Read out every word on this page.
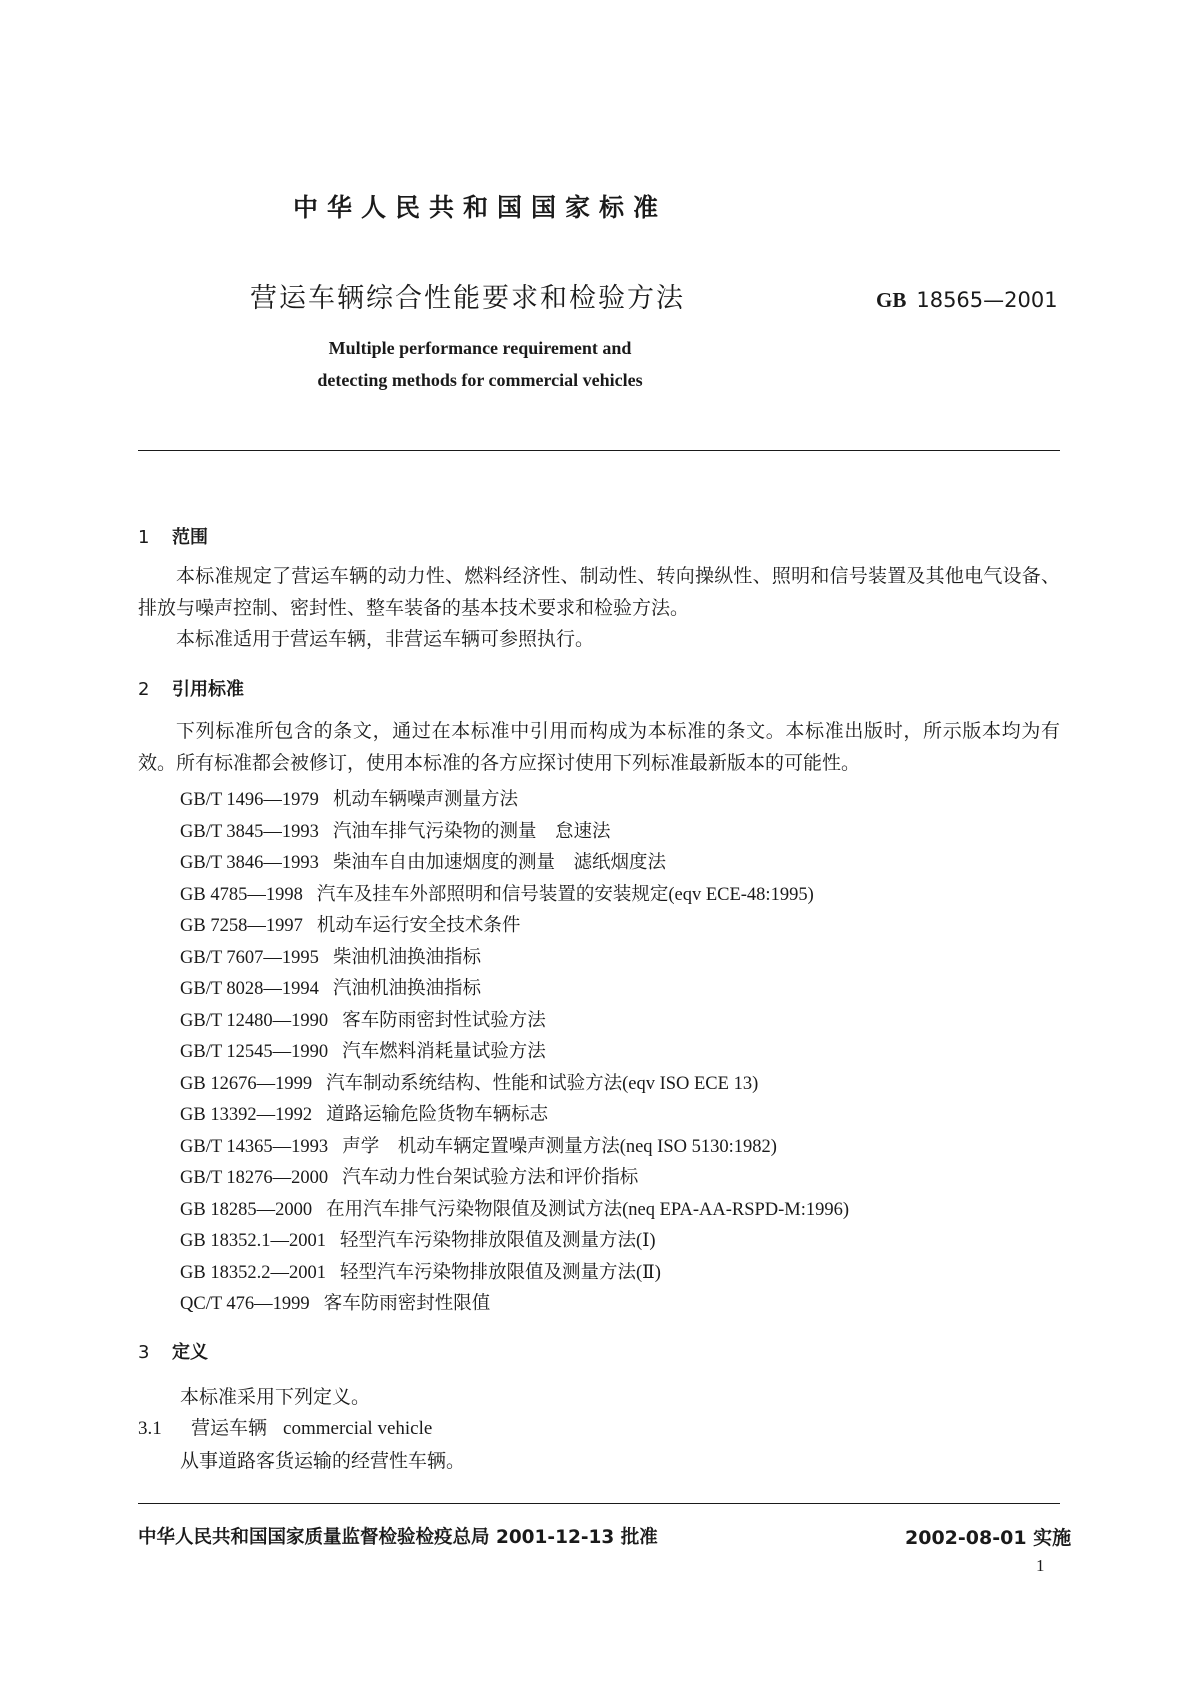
中华人民共和国国家标准
营运车辆综合性能要求和检验方法	GB 18565—2001
Multiple performance requirement and
detecting methods for commercial vehicles
1 范围
本标准规定了营运车辆的动力性、燃料经济性、制动性、转向操纵性、照明和信号装置及其他电气设备、排放与噪声控制、密封性、整车装备的基本技术要求和检验方法。
本标准适用于营运车辆，非营运车辆可参照执行。
2 引用标准
下列标准所包含的条文，通过在本标准中引用而构成为本标准的条文。本标准出版时，所示版本均为有效。所有标准都会被修订，使用本标准的各方应探讨使用下列标准最新版本的可能性。
GB/T 1496—1979 机动车辆噪声测量方法
GB/T 3845—1993 汽油车排气污染物的测量　怠速法
GB/T 3846—1993 柴油车自由加速烟度的测量　滤纸烟度法
GB 4785—1998 汽车及挂车外部照明和信号装置的安装规定(eqv ECE-48:1995)
GB 7258—1997 机动车运行安全技术条件
GB/T 7607—1995 柴油机油换油指标
GB/T 8028—1994 汽油机油换油指标
GB/T 12480—1990 客车防雨密封性试验方法
GB/T 12545—1990 汽车燃料消耗量试验方法
GB 12676—1999 汽车制动系统结构、性能和试验方法(eqv ISO ECE 13)
GB 13392—1992 道路运输危险货物车辆标志
GB/T 14365—1993 声学　机动车辆定置噪声测量方法(neq ISO 5130:1982)
GB/T 18276—2000 汽车动力性台架试验方法和评价指标
GB 18285—2000 在用汽车排气污染物限值及测试方法(neq EPA-AA-RSPD-M:1996)
GB 18352.1—2001 轻型汽车污染物排放限值及测量方法(Ⅰ)
GB 18352.2—2001 轻型汽车污染物排放限值及测量方法(Ⅱ)
QC/T 476—1999 客车防雨密封性限值
3 定义
本标准采用下列定义。
3.1 营运车辆 commercial vehicle
从事道路客货运输的经营性车辆。
中华人民共和国国家质量监督检验检疫总局 2001-12-13 批准	2002-08-01 实施
1
